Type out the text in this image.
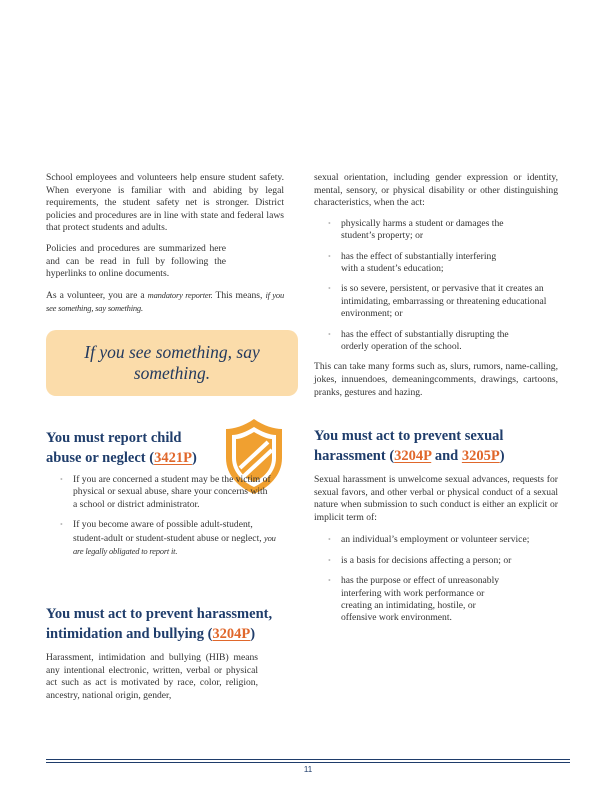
School employees and volunteers help ensure student safety. When everyone is familiar with and abiding by legal requirements, the student safety net is stronger. District policies and procedures are in line with state and federal laws that protect students and adults.

Policies and procedures are summarized here and can be read in full by following the hyperlinks to online documents.

As a volunteer, you are a mandatory reporter. This means, if you see something, say something.

If you see something, say something.
You must report child
abuse or neglect (3421P)
• If you are concerned a student may be the victim of physical or sexual abuse, share your concerns with a school or district administrator.
• If you become aware of possible adult-student, student-adult or student-student abuse or neglect, you are legally obligated to report it.
You must act to prevent harassment,
intimidation and bullying (3204P)

Harassment, intimidation and bullying (HIB) means any intentional electronic, written, verbal or physical act such as act is motivated by race, color, religion, ancestry, national origin, gender,

sexual orientation, including gender expression or identity, mental, sensory, or physical disability or other distinguishing characteristics, when the act:

• physically harms a student or damages the student’s property; or
• has the effect of substantially interfering with a student’s education;
• is so severe, persistent, or pervasive that it creates an intimidating, embarrassing or threatening educational environment; or
• has the effect of substantially disrupting the orderly operation of the school.

This can take many forms such as, slurs, rumors, name-calling, jokes, innuendoes, demeaningcomments, drawings, cartoons, pranks, gestures and hazing.

You must act to prevent sexual
harassment (3204P and 3205P)

Sexual harassment is unwelcome sexual advances, requests for sexual favors, and other verbal or physical conduct of a sexual nature when submission to such conduct is either an explicit or implicit term of:

• an individual’s employment or volunteer service;
• is a basis for decisions affecting a person; or
• has the purpose or effect of unreasonably interfering with work performance or creating an intimidating, hostile, or offensive work environment.
11
